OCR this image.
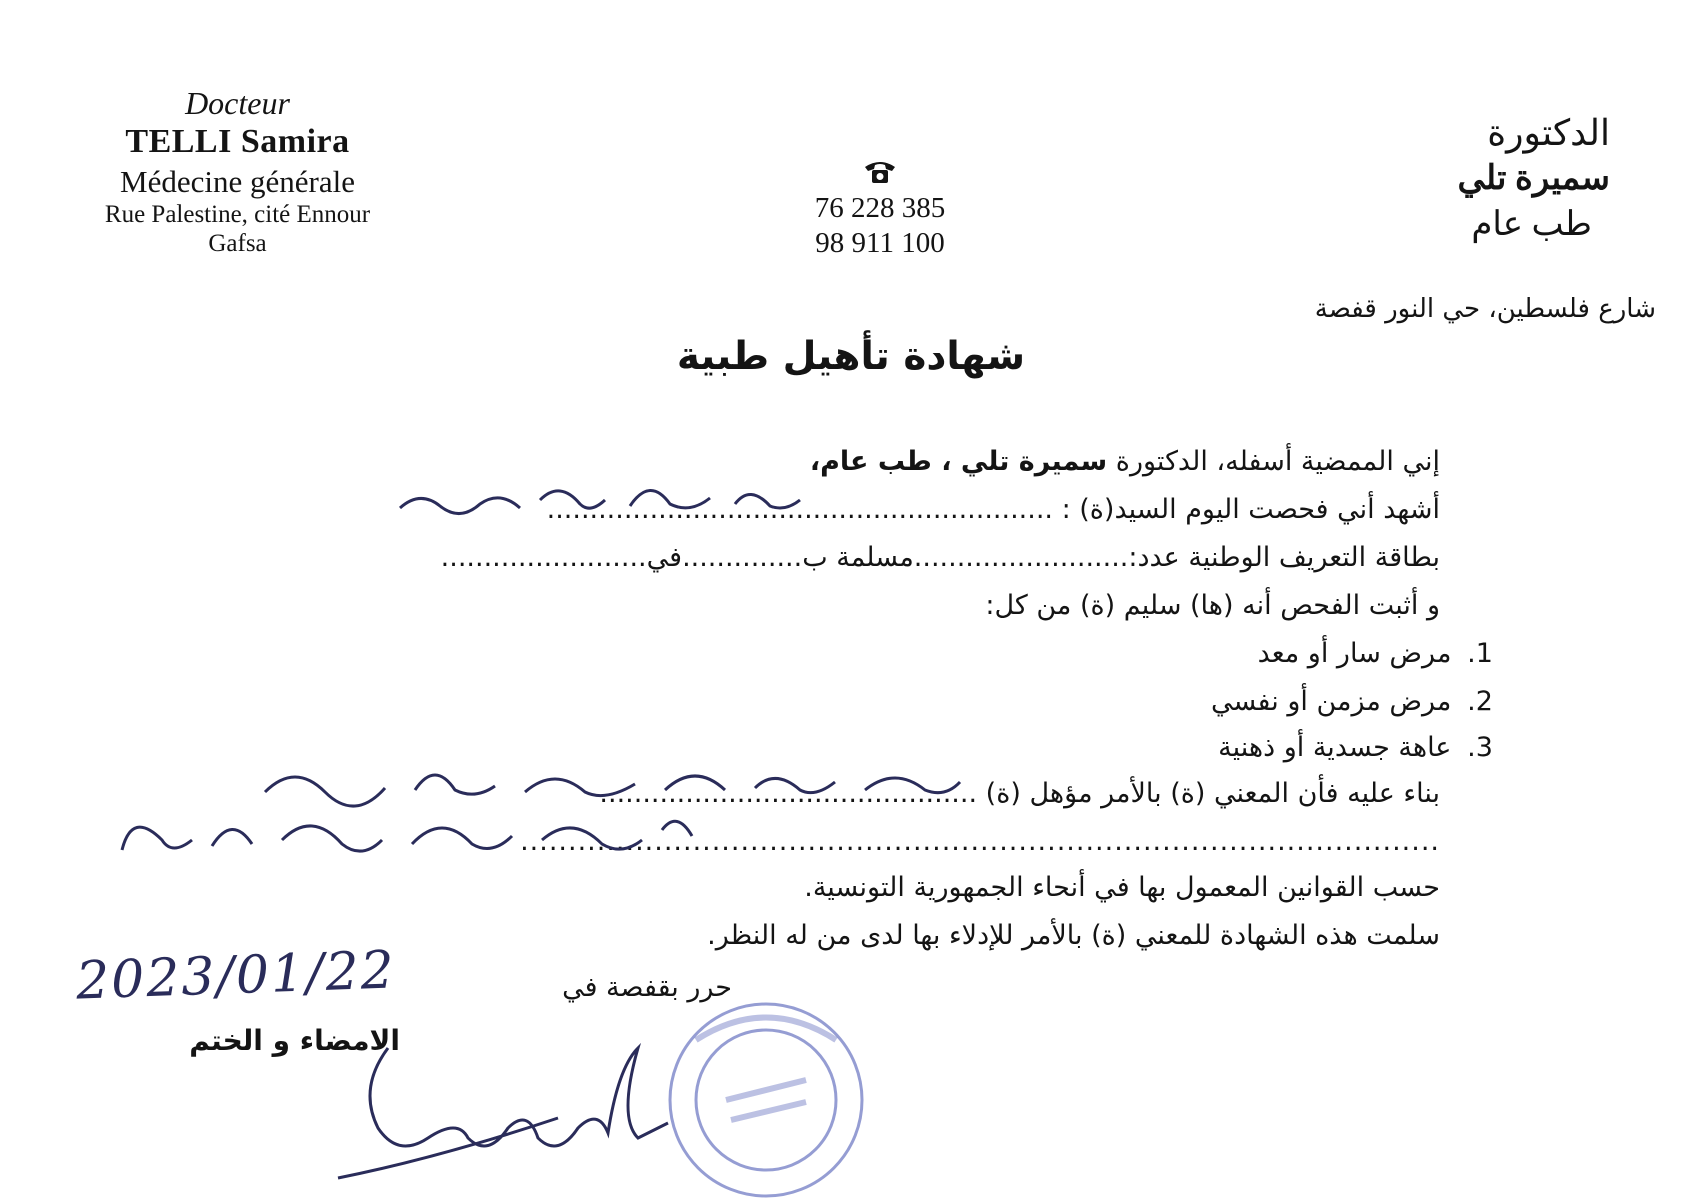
Docteur
TELLI Samira
Médecine générale
Rue Palestine, cité Ennour
Gafsa
76 228 385
98 911 100
الدكتورة
سميرة تلي
طب عام
شارع فلسطين، حي النور قفصة
شهادة تأهيل طبية
إني الممضية أسفله، الدكتورة سميرة تلي ، طب عام،
أشهد أني فحصت اليوم السيد(ة) : ...........................................................
بطاقة التعريف الوطنية عدد:.........................مسلمة ب..............في........................
و أثبت الفحص أنه (ها) سليم (ة) من كل:
1. مرض سار أو معد
2. مرض مزمن أو نفسي
3. عاهة جسدية أو ذهنية
بناء عليه فأن المعني (ة) بالأمر مؤهل (ة) ............................................
................................................................................................
حسب القوانين المعمول بها في أنحاء الجمهورية التونسية.
سلمت هذه الشهادة للمعني (ة) بالأمر للإدلاء بها لدى من له النظر.
حرر بقفصة في
2023/01/22
الامضاء و الختم
